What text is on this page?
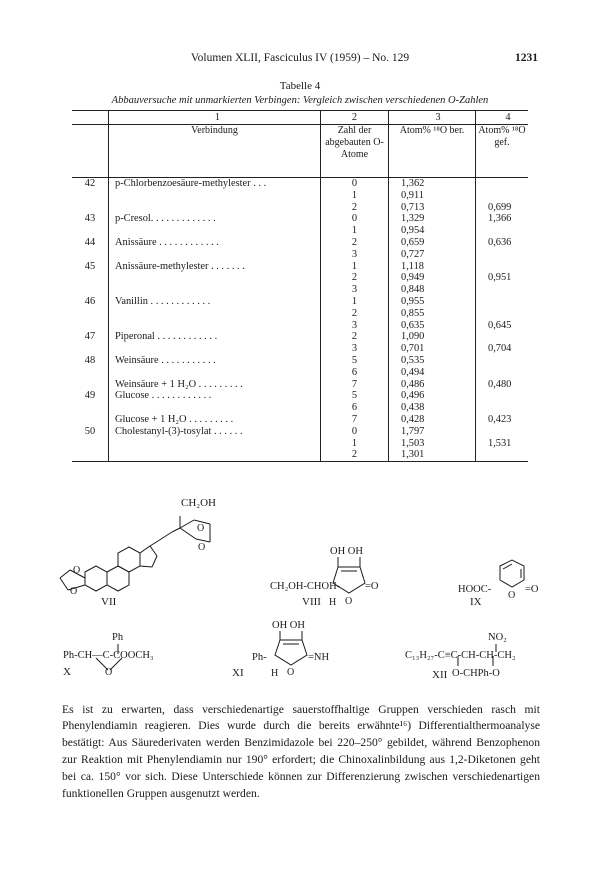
Volumen XLII, Fasciculus IV (1959) – No. 129	1231
Tabelle 4
Abbauversuche mit unmarkierten Verbingen: Vergleich zwischen verschiedenen O-Zahlen
	1	2	3	4
	Verbindung	Zahl der abgebauten O-Atome	Atom% ¹⁸O ber.	Atom% ¹⁸O gef.
42	p-Chlorbenzoesäure-methylester . . .	0	1,362	
		1	0,911	
		2	0,713	0,699
43	p-Cresol. . . . . . . . . . . . .	0	1,329	1,366
		1	0,954	
44	Anissäure . . . . . . . . . . . .	2	0,659	0,636
		3	0,727	
45	Anissäure-methylester . . . . . . .	1	1,118	
		2	0,949	0,951
		3	0,848	
46	Vanillin . . . . . . . . . . . .	1	0,955	
		2	0,855	
		3	0,635	0,645
47	Piperonal . . . . . . . . . . . .	2	1,090	
		3	0,701	0,704
48	Weinsäure . . . . . . . . . . .	5	0,535	
		6	0,494	
	Weinsäure + 1 H₂O . . . . . . . . .	7	0,486	0,480
49	Glucose . . . . . . . . . . . .	5	0,496	
		6	0,438	
	Glucose + 1 H₂O . . . . . . . . .	7	0,428	0,423
50	Cholestanyl-(3)-tosylat . . . . . .	0	1,797	
		1	1,503	1,531
		2	1,301	
CH₂OH
O
O
O
O
VII
OH OH
CH₂OH-CHOH- =O
O
H
VIII
HOOC-	=O
O
IX
Ph
Ph-CH—C-COOCH₃
O
X
OH OH
Ph-	=NH
O
H
XI
NO₂
C₁₃H₂₇-C≡C-CH-CH-CH₂
O-CHPh-O
XII

Es ist zu erwarten, dass verschiedenartige sauerstoffhaltige Gruppen verschieden rasch mit Phenylendiamin reagieren. Dies wurde durch die bereits erwähnte¹⁶) Differentialthermoanalyse bestätigt: Aus Säurederivaten werden Benzimidazole bei 220–250° gebildet, während Benzophenon zur Reaktion mit Phenylendiamin nur 190° erfordert; die Chinoxalinbildung aus 1,2-Diketonen geht bei ca. 150° vor sich. Diese Unterschiede können zur Differenzierung zwischen verschiedenartigen funktionellen Gruppen ausgenutzt werden.
